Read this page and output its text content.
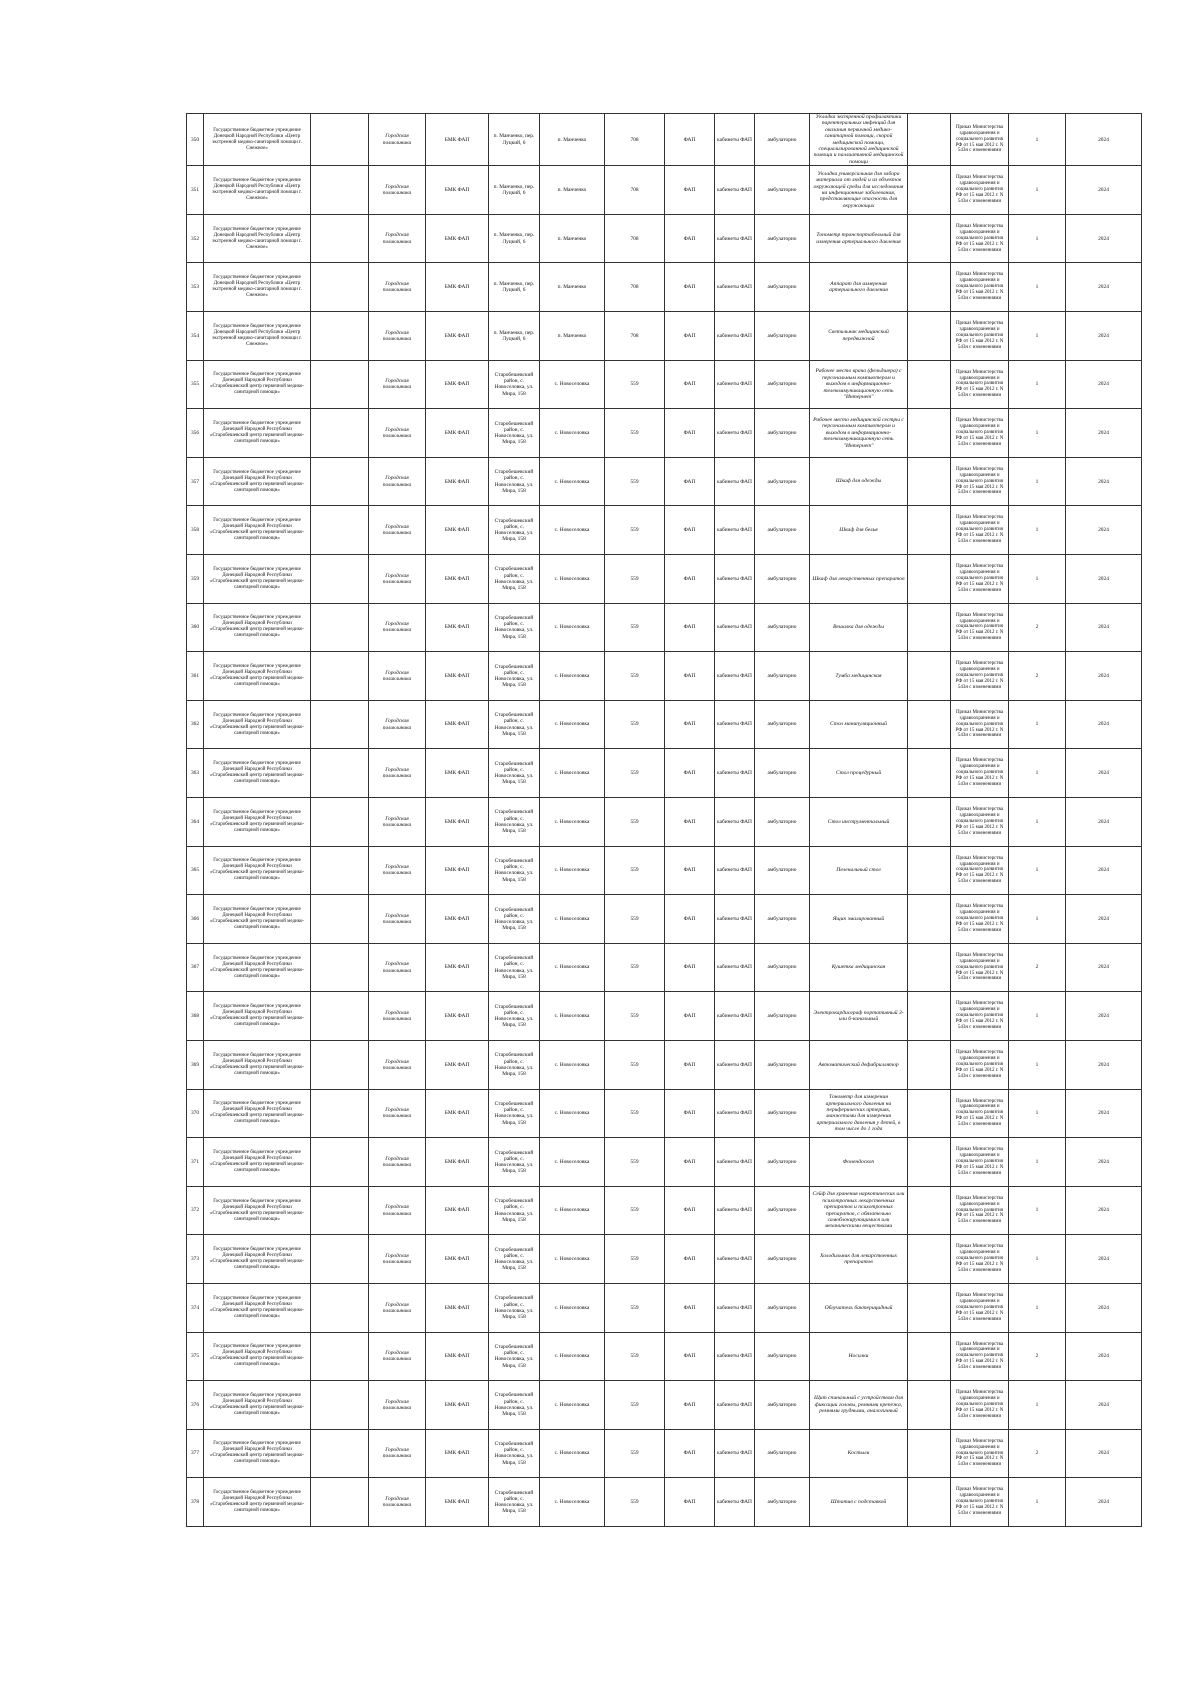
350	Государственное бюджетное учреждение Донецкой Народной Республики «Центр экстренной медико-санитарной помощи г. Снежное»		Городская поликлиника	БМК ФАП	п. Манченко, пер. Луцкий, 6	п. Манченко	708	ФАП	кабинеты ФАП	амбулаторно	Укладка экстренной профилактики парентеральных инфекций для оказания первичной медико-санитарной помощи, скорой медицинской помощи, специализированной медицинской помощи и паллиативной медицинской помощи		Приказ Министерства здравоохранения и социального развития РФ от 15 мая 2012 г. N 543н с изменениями	1	2024
351	Государственное бюджетное учреждение Донецкой Народной Республики «Центр экстренной медико-санитарной помощи г. Снежное»		Городская поликлиника	БМК ФАП	п. Манченко, пер. Луцкий, 6	п. Манченко	708	ФАП	кабинеты ФАП	амбулаторно	Укладка универсальная для забора материала от людей и из объектов окружающей среды для исследования на инфекционные заболевания, представляющие опасность для окружающих		Приказ Министерства здравоохранения и социального развития РФ от 15 мая 2012 г. N 543н с изменениями	1	2024
352	Государственное бюджетное учреждение Донецкой Народной Республики «Центр экстренной медико-санитарной помощи г. Снежное»		Городская поликлиника	БМК ФАП	п. Манченко, пер. Луцкий, 6	п. Манченко	708	ФАП	кабинеты ФАП	амбулаторно	Тонометр транспортабельный для измерения артериального давления		Приказ Министерства здравоохранения и социального развития РФ от 15 мая 2012 г. N 543н с изменениями	1	2024
353	Государственное бюджетное учреждение Донецкой Народной Республики «Центр экстренной медико-санитарной помощи г. Снежное»		Городская поликлиника	БМК ФАП	п. Манченко, пер. Луцкий, 6	п. Манченко	708	ФАП	кабинеты ФАП	амбулаторно	Аппарат для измерения артериального давления		Приказ Министерства здравоохранения и социального развития РФ от 15 мая 2012 г. N 543н с изменениями	1	2024
354	Государственное бюджетное учреждение Донецкой Народной Республики «Центр экстренной медико-санитарной помощи г. Снежное»		Городская поликлиника	БМК ФАП	п. Манченко, пер. Луцкий, 6	п. Манченко	708	ФАП	кабинеты ФАП	амбулаторно	Светильник медицинский передвижной		Приказ Министерства здравоохранения и социального развития РФ от 15 мая 2012 г. N 543н с изменениями	1	2024
355	Государственное бюджетное учреждение Донецкой Народной Республики «Старобешевский центр первичной медико-санитарной помощи»		Городская поликлиника	БМК ФАП	Старобешевский район, с. Новоселовка, ул. Мира, 158	с. Новоселовка	559	ФАП	кабинеты ФАП	амбулаторно	Рабочее место врача (фельдшера) с персональным компьютером и выходом в информационно-телекоммуникационную сеть "Интернет"		Приказ Министерства здравоохранения и социального развития РФ от 15 мая 2012 г. N 543н с изменениями	1	2024
356	Государственное бюджетное учреждение Донецкой Народной Республики «Старобешевский центр первичной медико-санитарной помощи»		Городская поликлиника	БМК ФАП	Старобешевский район, с. Новоселовка, ул. Мира, 158	с. Новоселовка	559	ФАП	кабинеты ФАП	амбулаторно	Рабочее место медицинской сестры с персональным компьютером и выходом в информационно-телекоммуникационную сеть "Интернет"		Приказ Министерства здравоохранения и социального развития РФ от 15 мая 2012 г. N 543н с изменениями	1	2024
357	Государственное бюджетное учреждение Донецкой Народной Республики «Старобешевский центр первичной медико-санитарной помощи»		Городская поликлиника	БМК ФАП	Старобешевский район, с. Новоселовка, ул. Мира, 158	с. Новоселовка	559	ФАП	кабинеты ФАП	амбулаторно	Шкаф для одежды		Приказ Министерства здравоохранения и социального развития РФ от 15 мая 2012 г. N 543н с изменениями	1	2024
358	Государственное бюджетное учреждение Донецкой Народной Республики «Старобешевский центр первичной медико-санитарной помощи»		Городская поликлиника	БМК ФАП	Старобешевский район, с. Новоселовка, ул. Мира, 158	с. Новоселовка	559	ФАП	кабинеты ФАП	амбулаторно	Шкаф для белья		Приказ Министерства здравоохранения и социального развития РФ от 15 мая 2012 г. N 543н с изменениями	1	2024
359	Государственное бюджетное учреждение Донецкой Народной Республики «Старобешевский центр первичной медико-санитарной помощи»		Городская поликлиника	БМК ФАП	Старобешевский район, с. Новоселовка, ул. Мира, 158	с. Новоселовка	559	ФАП	кабинеты ФАП	амбулаторно	Шкаф для лекарственных препаратов		Приказ Министерства здравоохранения и социального развития РФ от 15 мая 2012 г. N 543н с изменениями	1	2024
360	Государственное бюджетное учреждение Донецкой Народной Республики «Старобешевский центр первичной медико-санитарной помощи»		Городская поликлиника	БМК ФАП	Старобешевский район, с. Новоселовка, ул. Мира, 158	с. Новоселовка	559	ФАП	кабинеты ФАП	амбулаторно	Вешалка для одежды		Приказ Министерства здравоохранения и социального развития РФ от 15 мая 2012 г. N 543н с изменениями	2	2024
361	Государственное бюджетное учреждение Донецкой Народной Республики «Старобешевский центр первичной медико-санитарной помощи»		Городская поликлиника	БМК ФАП	Старобешевский район, с. Новоселовка, ул. Мира, 158	с. Новоселовка	559	ФАП	кабинеты ФАП	амбулаторно	Тумба медицинская		Приказ Министерства здравоохранения и социального развития РФ от 15 мая 2012 г. N 543н с изменениями	2	2024
362	Государственное бюджетное учреждение Донецкой Народной Республики «Старобешевский центр первичной медико-санитарной помощи»		Городская поликлиника	БМК ФАП	Старобешевский район, с. Новоселовка, ул. Мира, 158	с. Новоселовка	559	ФАП	кабинеты ФАП	амбулаторно	Стол манипуляционный		Приказ Министерства здравоохранения и социального развития РФ от 15 мая 2012 г. N 543н с изменениями	1	2024
363	Государственное бюджетное учреждение Донецкой Народной Республики «Старобешевский центр первичной медико-санитарной помощи»		Городская поликлиника	БМК ФАП	Старобешевский район, с. Новоселовка, ул. Мира, 158	с. Новоселовка	559	ФАП	кабинеты ФАП	амбулаторно	Стол процедурный		Приказ Министерства здравоохранения и социального развития РФ от 15 мая 2012 г. N 543н с изменениями	1	2024
364	Государственное бюджетное учреждение Донецкой Народной Республики «Старобешевский центр первичной медико-санитарной помощи»		Городская поликлиника	БМК ФАП	Старобешевский район, с. Новоселовка, ул. Мира, 158	с. Новоселовка	559	ФАП	кабинеты ФАП	амбулаторно	Стол инструментальный		Приказ Министерства здравоохранения и социального развития РФ от 15 мая 2012 г. N 543н с изменениями	1	2024
365	Государственное бюджетное учреждение Донецкой Народной Республики «Старобешевский центр первичной медико-санитарной помощи»		Городская поликлиника	БМК ФАП	Старобешевский район, с. Новоселовка, ул. Мира, 158	с. Новоселовка	559	ФАП	кабинеты ФАП	амбулаторно	Пеленальный стол		Приказ Министерства здравоохранения и социального развития РФ от 15 мая 2012 г. N 543н с изменениями	1	2024
366	Государственное бюджетное учреждение Донецкой Народной Республики «Старобешевский центр первичной медико-санитарной помощи»		Городская поликлиника	БМК ФАП	Старобешевский район, с. Новоселовка, ул. Мира, 158	с. Новоселовка	559	ФАП	кабинеты ФАП	амбулаторно	Ящик эмалированный		Приказ Министерства здравоохранения и социального развития РФ от 15 мая 2012 г. N 543н с изменениями	1	2024
367	Государственное бюджетное учреждение Донецкой Народной Республики «Старобешевский центр первичной медико-санитарной помощи»		Городская поликлиника	БМК ФАП	Старобешевский район, с. Новоселовка, ул. Мира, 158	с. Новоселовка	559	ФАП	кабинеты ФАП	амбулаторно	Кушетка медицинская		Приказ Министерства здравоохранения и социального развития РФ от 15 мая 2012 г. N 543н с изменениями	2	2024
368	Государственное бюджетное учреждение Донецкой Народной Республики «Старобешевский центр первичной медико-санитарной помощи»		Городская поликлиника	БМК ФАП	Старобешевский район, с. Новоселовка, ул. Мира, 158	с. Новоселовка	559	ФАП	кабинеты ФАП	амбулаторно	Электрокардиограф портативный 3- или 6-канальный		Приказ Министерства здравоохранения и социального развития РФ от 15 мая 2012 г. N 543н с изменениями	1	2024
369	Государственное бюджетное учреждение Донецкой Народной Республики «Старобешевский центр первичной медико-санитарной помощи»		Городская поликлиника	БМК ФАП	Старобешевский район, с. Новоселовка, ул. Мира, 158	с. Новоселовка	559	ФАП	кабинеты ФАП	амбулаторно	Автоматический дефибриллятор		Приказ Министерства здравоохранения и социального развития РФ от 15 мая 2012 г. N 543н с изменениями	1	2024
370	Государственное бюджетное учреждение Донецкой Народной Республики «Старобешевский центр первичной медико-санитарной помощи»		Городская поликлиника	БМК ФАП	Старобешевский район, с. Новоселовка, ул. Мира, 158	с. Новоселовка	559	ФАП	кабинеты ФАП	амбулаторно	Тонометр для измерения артериального давления на периферических артериях, манжетами для измерения артериального давления у детей, в том числе до 1 года		Приказ Министерства здравоохранения и социального развития РФ от 15 мая 2012 г. N 543н с изменениями	1	2024
371	Государственное бюджетное учреждение Донецкой Народной Республики «Старобешевский центр первичной медико-санитарной помощи»		Городская поликлиника	БМК ФАП	Старобешевский район, с. Новоселовка, ул. Мира, 158	с. Новоселовка	559	ФАП	кабинеты ФАП	амбулаторно	Фонендоскоп		Приказ Министерства здравоохранения и социального развития РФ от 15 мая 2012 г. N 543н с изменениями	1	2024
372	Государственное бюджетное учреждение Донецкой Народной Республики «Старобешевский центр первичной медико-санитарной помощи»		Городская поликлиника	БМК ФАП	Старобешевский район, с. Новоселовка, ул. Мира, 158	с. Новоселовка	559	ФАП	кабинеты ФАП	амбулаторно	Сейф для хранения наркотических или психотропных лекарственных препаратов и психотропных препаратов, с обязательно самоблокирующимися или механическими веществами		Приказ Министерства здравоохранения и социального развития РФ от 15 мая 2012 г. N 543н с изменениями	1	2024
373	Государственное бюджетное учреждение Донецкой Народной Республики «Старобешевский центр первичной медико-санитарной помощи»		Городская поликлиника	БМК ФАП	Старобешевский район, с. Новоселовка, ул. Мира, 158	с. Новоселовка	559	ФАП	кабинеты ФАП	амбулаторно	Холодильник для лекарственных препаратов		Приказ Министерства здравоохранения и социального развития РФ от 15 мая 2012 г. N 543н с изменениями	1	2024
374	Государственное бюджетное учреждение Донецкой Народной Республики «Старобешевский центр первичной медико-санитарной помощи»		Городская поликлиника	БМК ФАП	Старобешевский район, с. Новоселовка, ул. Мира, 158	с. Новоселовка	559	ФАП	кабинеты ФАП	амбулаторно	Облучатель бактерицидный		Приказ Министерства здравоохранения и социального развития РФ от 15 мая 2012 г. N 543н с изменениями	1	2024
375	Государственное бюджетное учреждение Донецкой Народной Республики «Старобешевский центр первичной медико-санитарной помощи»		Городская поликлиника	БМК ФАП	Старобешевский район, с. Новоселовка, ул. Мира, 158	с. Новоселовка	559	ФАП	кабинеты ФАП	амбулаторно	Носилки		Приказ Министерства здравоохранения и социального развития РФ от 15 мая 2012 г. N 543н с изменениями	2	2024
376	Государственное бюджетное учреждение Донецкой Народной Республики «Старобешевский центр первичной медико-санитарной помощи»		Городская поликлиника	БМК ФАП	Старобешевский район, с. Новоселовка, ул. Мира, 158	с. Новоселовка	559	ФАП	кабинеты ФАП	амбулаторно	Щит спинальный с устройством для фиксации головы, ремнями крепежа, ремнями грудными, аналогичный		Приказ Министерства здравоохранения и социального развития РФ от 15 мая 2012 г. N 543н с изменениями	1	2024
377	Государственное бюджетное учреждение Донецкой Народной Республики «Старобешевский центр первичной медико-санитарной помощи»		Городская поликлиника	БМК ФАП	Старобешевский район, с. Новоселовка, ул. Мира, 158	с. Новоселовка	559	ФАП	кабинеты ФАП	амбулаторно	Костыли		Приказ Министерства здравоохранения и социального развития РФ от 15 мая 2012 г. N 543н с изменениями	2	2024
378	Государственное бюджетное учреждение Донецкой Народной Республики «Старобешевский центр первичной медико-санитарной помощи»		Городская поликлиника	БМК ФАП	Старобешевский район, с. Новоселовка, ул. Мира, 158	с. Новоселовка	559	ФАП	кабинеты ФАП	амбулаторно	Штатив с подставкой		Приказ Министерства здравоохранения и социального развития РФ от 15 мая 2012 г. N 543н с изменениями	1	2024
